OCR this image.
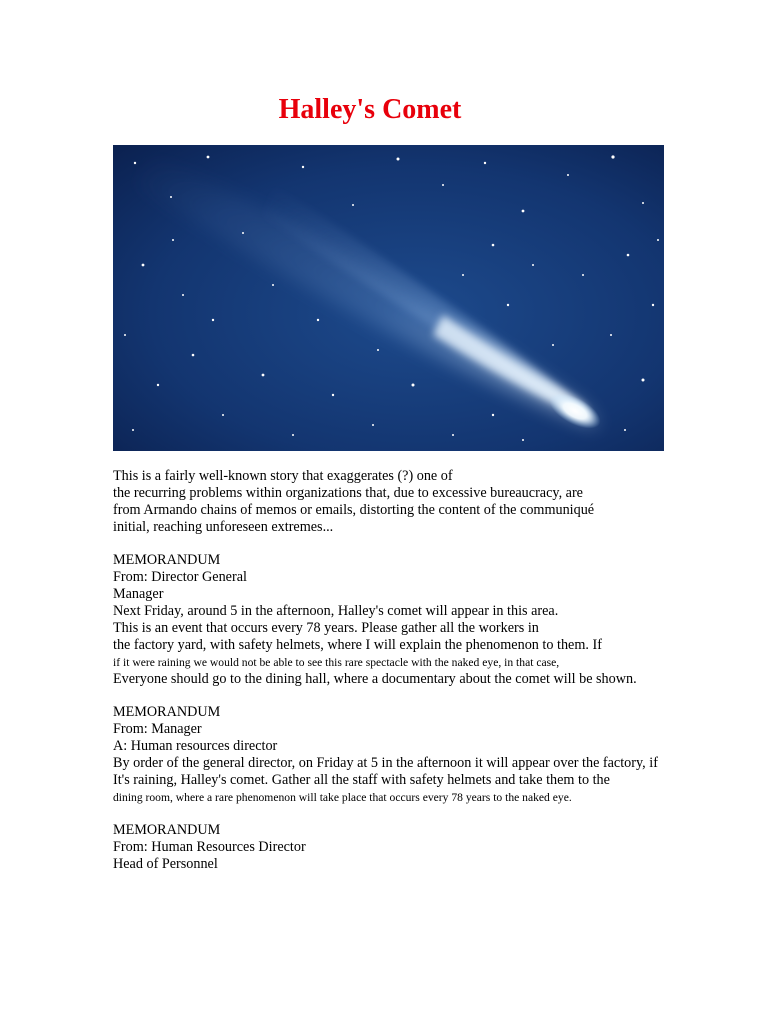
Halley's Comet
This is a fairly well-known story that exaggerates (?) one of
the recurring problems within organizations that, due to excessive bureaucracy, are
from Armando chains of memos or emails, distorting the content of the communiqué
initial, reaching unforeseen extremes...
MEMORANDUM
From: Director General
Manager
Next Friday, around 5 in the afternoon, Halley's comet will appear in this area.
This is an event that occurs every 78 years. Please gather all the workers in
the factory yard, with safety helmets, where I will explain the phenomenon to them. If
if it were raining we would not be able to see this rare spectacle with the naked eye, in that case,
Everyone should go to the dining hall, where a documentary about the comet will be shown.
MEMORANDUM
From: Manager
A: Human resources director
By order of the general director, on Friday at 5 in the afternoon it will appear over the factory, if
It's raining, Halley's comet. Gather all the staff with safety helmets and take them to the
dining room, where a rare phenomenon will take place that occurs every 78 years to the naked eye.
MEMORANDUM
From: Human Resources Director
Head of Personnel
